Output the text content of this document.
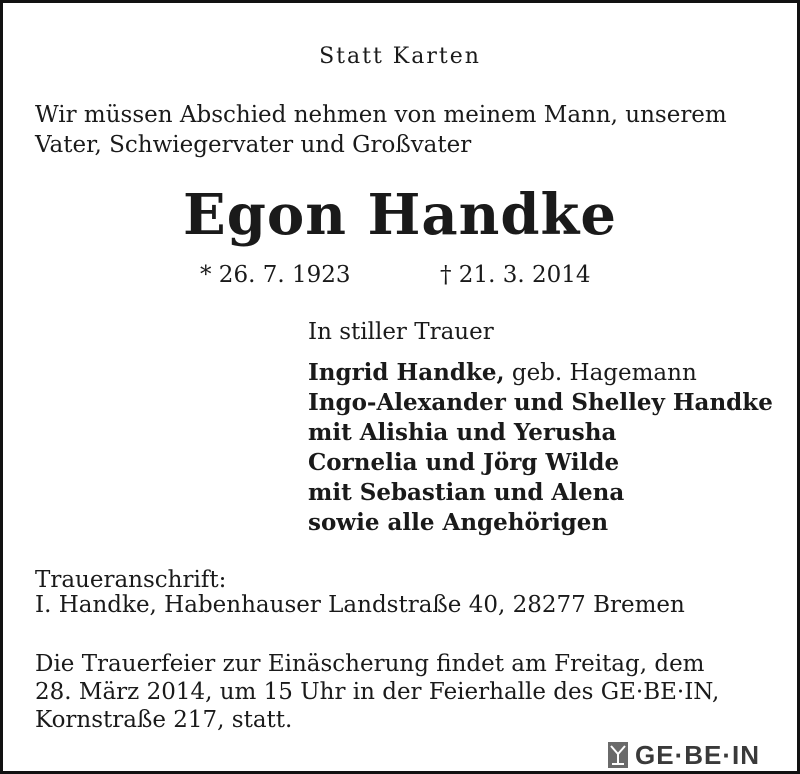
Statt Karten
Wir müssen Abschied nehmen von meinem Mann, unserem
Vater, Schwiegervater und Großvater
Egon Handke
* 26. 7. 1923	† 21. 3. 2014
In stiller Trauer
Ingrid Handke, geb. Hagemann
Ingo-Alexander und Shelley Handke
mit Alishia und Yerusha
Cornelia und Jörg Wilde
mit Sebastian und Alena
sowie alle Angehörigen
Traueranschrift:
I. Handke, Habenhauser Landstraße 40, 28277 Bremen
Die Trauerfeier zur Einäscherung findet am Freitag, dem
28. März 2014, um 15 Uhr in der Feierhalle des GE·BE·IN,
Kornstraße 217, statt.
GE·BE·IN
